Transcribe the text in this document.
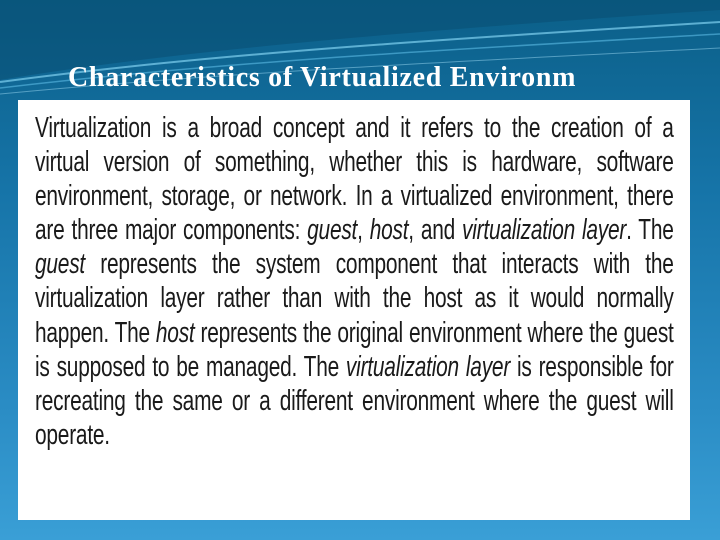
Characteristics of Virtualized Environm
Virtualization is a broad concept and it refers to the creation of a
virtual version of something, whether this is hardware, software
environment, storage, or network. In a virtualized environment, there
are three major components: guest, host, and virtualization layer. The
guest represents the system component that interacts with the
virtualization layer rather than with the host as it would normally
happen. The host represents the original environment where the guest
is supposed to be managed. The virtualization layer is responsible for
recreating the same or a different environment where the guest will
operate.
